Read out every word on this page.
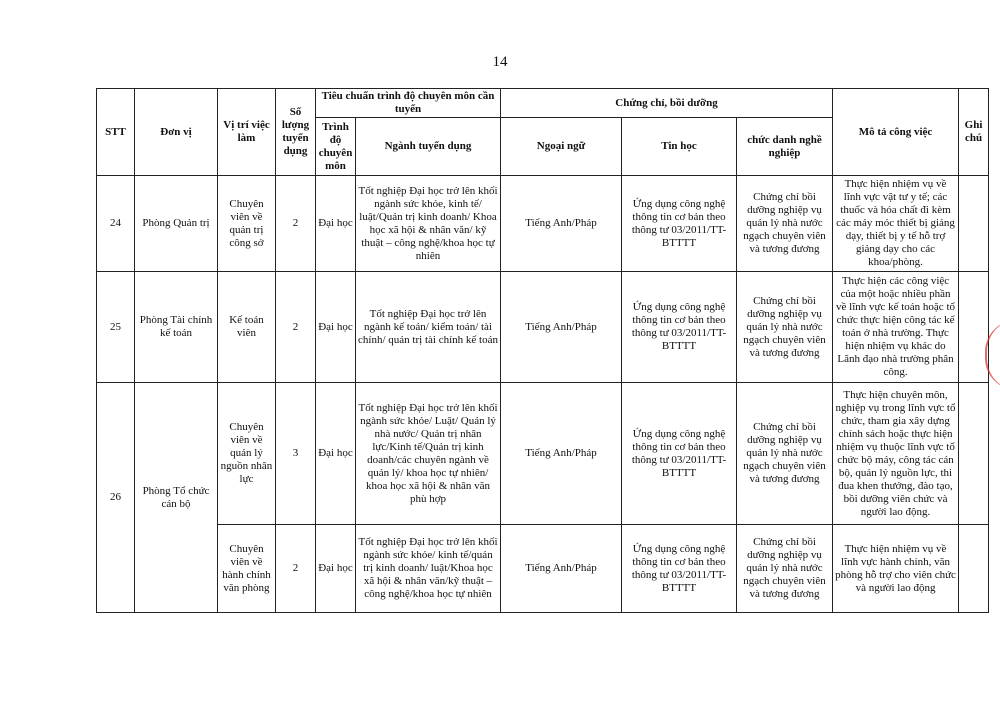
14
STT	Đơn vị	Vị trí việc làm	Số lượng tuyển dụng	Tiêu chuẩn trình độ chuyên môn cần tuyển		Chứng chỉ, bồi dưỡng			Mô tả công việc	Ghi chú
				Trình độ chuyên môn	Ngành tuyển dụng	Ngoại ngữ	Tin học	chức danh nghề nghiệp		
24	Phòng Quản trị	Chuyên viên về quản trị công sở	2	Đại học	Tốt nghiệp Đại học trở lên khối ngành sức khỏe, kinh tế/ luật/Quản trị kinh doanh/ Khoa học xã hội & nhân văn/ kỹ thuật – công nghệ/khoa học tự nhiên	Tiếng Anh/Pháp	Ứng dụng công nghệ thông tin cơ bản theo thông tư 03/2011/TT-BTTTT	Chứng chỉ bồi dưỡng nghiệp vụ quản lý nhà nước ngạch chuyên viên và tương đương	Thực hiện nhiệm vụ về lĩnh vực vật tư y tế; các thuốc và hóa chất đi kèm các máy móc thiết bị giảng dạy, thiết bị y tế hỗ trợ giảng dạy cho các khoa/phòng.	
25	Phòng Tài chính kế toán	Kế toán viên	2	Đại học	Tốt nghiệp Đại học trở lên ngành kế toán/ kiểm toán/ tài chính/ quản trị tài chính kế toán	Tiếng Anh/Pháp	Ứng dụng công nghệ thông tin cơ bản theo thông tư 03/2011/TT-BTTTT	Chứng chỉ bồi dưỡng nghiệp vụ quản lý nhà nước ngạch chuyên viên và tương đương	Thực hiện các công việc của một hoặc nhiều phần về lĩnh vực kế toán hoặc tổ chức thực hiện công tác kế toán ở nhà trường. Thực hiện nhiệm vụ khác do Lãnh đạo nhà trường phân công.	
26	Phòng Tổ chức cán bộ	Chuyên viên về quản lý nguồn nhân lực	3	Đại học	Tốt nghiệp Đại học trở lên khối ngành sức khỏe/ Luật/ Quản lý nhà nước/ Quản trị nhân lực/Kinh tế/Quản trị kinh doanh/các chuyên ngành về quản lý/ khoa học tự nhiên/ khoa học xã hội & nhân văn phù hợp	Tiếng Anh/Pháp	Ứng dụng công nghệ thông tin cơ bản theo thông tư 03/2011/TT-BTTTT	Chứng chỉ bồi dưỡng nghiệp vụ quản lý nhà nước ngạch chuyên viên và tương đương	Thực hiện chuyên môn, nghiệp vụ trong lĩnh vực tổ chức, tham gia xây dựng chính sách hoặc thực hiện nhiệm vụ thuộc lĩnh vực tổ chức bộ máy, công tác cán bộ, quản lý nguồn lực, thi đua khen thưởng, đào tạo, bồi dưỡng viên chức và người lao động.	
		Chuyên viên về hành chính văn phòng	2	Đại học	Tốt nghiệp Đại học trở lên khối ngành sức khỏe/ kinh tế/quản trị kinh doanh/ luật/Khoa học xã hội & nhân văn/kỹ thuật – công nghệ/khoa học tự nhiên	Tiếng Anh/Pháp	Ứng dụng công nghệ thông tin cơ bản theo thông tư 03/2011/TT-BTTTT	Chứng chỉ bồi dưỡng nghiệp vụ quản lý nhà nước ngạch chuyên viên và tương đương	Thực hiện nhiệm vụ về lĩnh vực hành chính, văn phòng hỗ trợ cho viên chức và người lao động	
